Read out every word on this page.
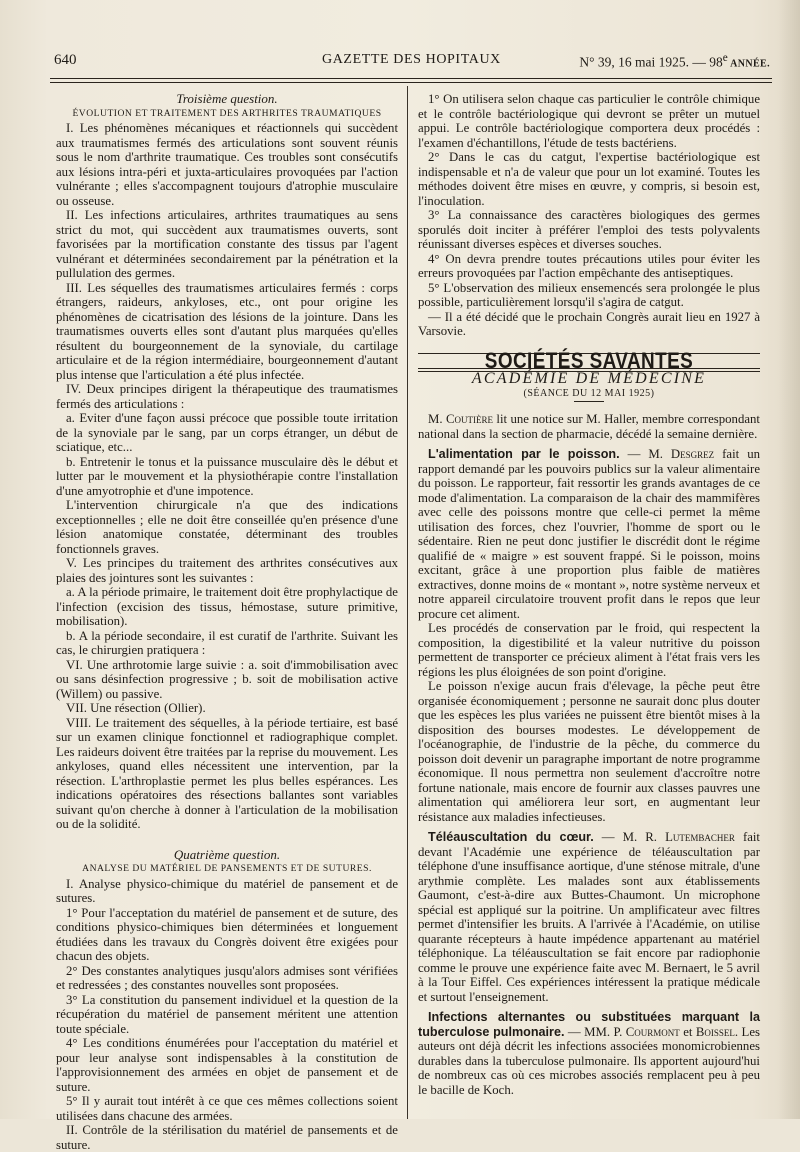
640	GAZETTE DES HOPITAUX	N° 39, 16 mai 1925. — 98e ANNÉE.

Troisième question.

ÉVOLUTION ET TRAITEMENT DES ARTHRITES TRAUMATIQUES

I. Les phénomènes mécaniques et réactionnels qui succèdent aux traumatismes fermés des articulations sont souvent réunis sous le nom d'arthrite traumatique. Ces troubles sont consécutifs aux lésions intra-péri et juxta-articulaires provoquées par l'action vulnérante ; elles s'accompagnent toujours d'atrophie musculaire ou osseuse.

II. Les infections articulaires, arthrites traumatiques au sens strict du mot, qui succèdent aux traumatismes ouverts, sont favorisées par la mortification constante des tissus par l'agent vulnérant et déterminées secondairement par la pénétration et la pullulation des germes.

III. Les séquelles des traumatismes articulaires fermés : corps étrangers, raideurs, ankyloses, etc., ont pour origine les phénomènes de cicatrisation des lésions de la jointure. Dans les traumatismes ouverts elles sont d'autant plus marquées qu'elles résultent du bourgeonnement de la synoviale, du cartilage articulaire et de la région intermédiaire, bourgeonnement d'autant plus intense que l'articulation a été plus infectée.

IV. Deux principes dirigent la thérapeutique des traumatismes fermés des articulations :

a. Eviter d'une façon aussi précoce que possible toute irritation de la synoviale par le sang, par un corps étranger, un début de sciatique, etc...

b. Entretenir le tonus et la puissance musculaire dès le début et lutter par le mouvement et la physiothérapie contre l'installation d'une amyotrophie et d'une impotence.

L'intervention chirurgicale n'a que des indications exceptionnelles ; elle ne doit être conseillée qu'en présence d'une lésion anatomique constatée, déterminant des troubles fonctionnels graves.

V. Les principes du traitement des arthrites consécutives aux plaies des jointures sont les suivantes :

a. A la période primaire, le traitement doit être prophylactique de l'infection (excision des tissus, hémostase, suture primitive, mobilisation).

b. A la période secondaire, il est curatif de l'arthrite. Suivant les cas, le chirurgien pratiquera :

VI. Une arthrotomie large suivie : a. soit d'immobilisation avec ou sans désinfection progressive ; b. soit de mobilisation active (Willem) ou passive.

VII. Une résection (Ollier).

VIII. Le traitement des séquelles, à la période tertiaire, est basé sur un examen clinique fonctionnel et radiographique complet. Les raideurs doivent être traitées par la reprise du mouvement. Les ankyloses, quand elles nécessitent une intervention, par la résection. L'arthroplastie permet les plus belles espérances. Les indications opératoires des résections ballantes sont variables suivant qu'on cherche à donner à l'articulation de la mobilisation ou de la solidité.

Quatrième question.

ANALYSE DU MATÉRIEL DE PANSEMENTS ET DE SUTURES.

I. Analyse physico-chimique du matériel de pansement et de sutures.

1° Pour l'acceptation du matériel de pansement et de suture, des conditions physico-chimiques bien déterminées et longuement étudiées dans les travaux du Congrès doivent être exigées pour chacun des objets.

2° Des constantes analytiques jusqu'alors admises sont vérifiées et redressées ; des constantes nouvelles sont proposées.

3° La constitution du pansement individuel et la question de la récupération du matériel de pansement méritent une attention toute spéciale.

4° Les conditions énumérées pour l'acceptation du matériel et pour leur analyse sont indispensables à la constitution de l'approvisionnement des armées en objet de pansement et de suture.

5° Il y aurait tout intérêt à ce que ces mêmes collections soient utilisées dans chacune des armées.

II. Contrôle de la stérilisation du matériel de pansements et de suture.

1° On utilisera selon chaque cas particulier le contrôle chimique et le contrôle bactériologique qui devront se prêter un mutuel appui. Le contrôle bactériologique comportera deux procédés : l'examen d'échantillons, l'étude de tests bactériens.

2° Dans le cas du catgut, l'expertise bactériologique est indispensable et n'a de valeur que pour un lot examiné. Toutes les méthodes doivent être mises en œuvre, y compris, si besoin est, l'inoculation.

3° La connaissance des caractères biologiques des germes sporulés doit inciter à préférer l'emploi des tests polyvalents réunissant diverses espèces et diverses souches.

4° On devra prendre toutes précautions utiles pour éviter les erreurs provoquées par l'action empêchante des antiseptiques.

5° L'observation des milieux ensemencés sera prolongée le plus possible, particulièrement lorsqu'il s'agira de catgut.

— Il a été décidé que le prochain Congrès aurait lieu en 1927 à Varsovie.

SOCIÉTÉS SAVANTES

ACADÉMIE DE MÉDECINE

(SÉANCE DU 12 MAI 1925)

M. Coutière lit une notice sur M. Haller, membre correspondant national dans la section de pharmacie, décédé la semaine dernière.

L'alimentation par le poisson. — M. Desgrez fait un rapport demandé par les pouvoirs publics sur la valeur alimentaire du poisson. Le rapporteur, fait ressortir les grands avantages de ce mode d'alimentation. La comparaison de la chair des mammifères avec celle des poissons montre que celle-ci permet la même utilisation des forces, chez l'ouvrier, l'homme de sport ou le sédentaire. Rien ne peut donc justifier le discrédit dont le régime qualifié de « maigre » est souvent frappé. Si le poisson, moins excitant, grâce à une proportion plus faible de matières extractives, donne moins de « montant », notre système nerveux et notre appareil circulatoire trouvent profit dans le repos que leur procure cet aliment.

Les procédés de conservation par le froid, qui respectent la composition, la digestibilité et la valeur nutritive du poisson permettent de transporter ce précieux aliment à l'état frais vers les régions les plus éloignées de son point d'origine.

Le poisson n'exige aucun frais d'élevage, la pêche peut être organisée économiquement ; personne ne saurait donc plus douter que les espèces les plus variées ne puissent être bientôt mises à la disposition des bourses modestes. Le développement de l'océanographie, de l'industrie de la pêche, du commerce du poisson doit devenir un paragraphe important de notre programme économique. Il nous permettra non seulement d'accroître notre fortune nationale, mais encore de fournir aux classes pauvres une alimentation qui améliorera leur sort, en augmentant leur résistance aux maladies infectieuses.

Téléauscultation du cœur. — M. R. Lutembacher fait devant l'Académie une expérience de téléauscultation par téléphone d'une insuffisance aortique, d'une sténose mitrale, d'une arythmie complète. Les malades sont aux établissements Gaumont, c'est-à-dire aux Buttes-Chaumont. Un microphone spécial est appliqué sur la poitrine. Un amplificateur avec filtres permet d'intensifier les bruits. A l'arrivée à l'Académie, on utilise quarante récepteurs à haute impédence appartenant au matériel téléphonique. La téléauscultation se fait encore par radiophonie comme le prouve une expérience faite avec M. Bernaert, le 5 avril à la Tour Eiffel. Ces expériences intéressent la pratique médicale et surtout l'enseignement.

Infections alternantes ou substituées marquant la tuberculose pulmonaire. — MM. P. Courmont et Boissel. Les auteurs ont déjà décrit les infections associées monomicrobiennes durables dans la tuberculose pulmonaire. Ils apportent aujourd'hui de nombreux cas où ces microbes associés remplacent peu à peu le bacille de Koch.
